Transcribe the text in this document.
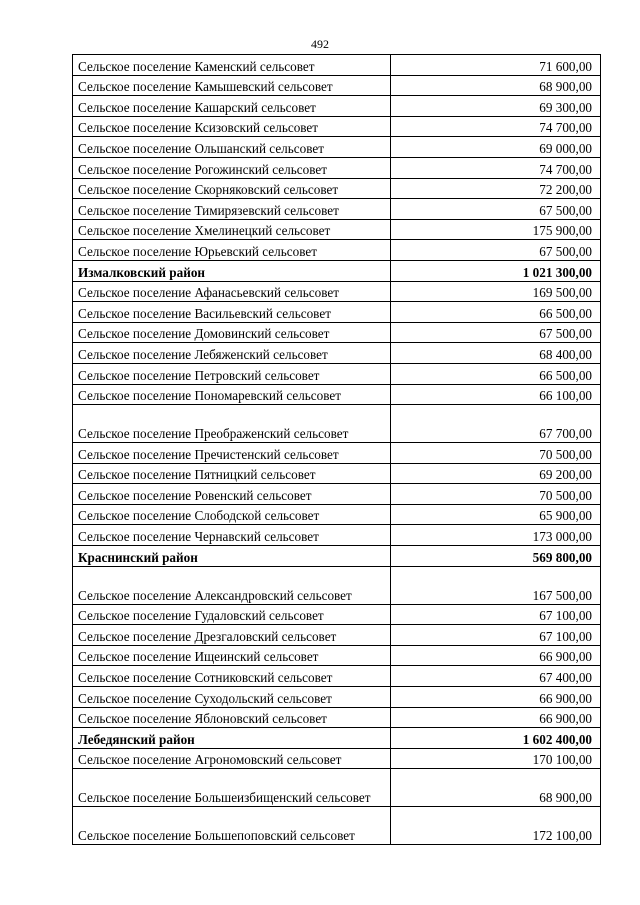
492
Сельское поселение Каменский сельсовет	71 600,00
Сельское поселение Камышевский сельсовет	68 900,00
Сельское поселение Кашарский сельсовет	69 300,00
Сельское поселение Ксизовский сельсовет	74 700,00
Сельское поселение Ольшанский сельсовет	69 000,00
Сельское поселение Рогожинский сельсовет	74 700,00
Сельское поселение Скорняковский сельсовет	72 200,00
Сельское поселение Тимирязевский сельсовет	67 500,00
Сельское поселение Хмелинецкий сельсовет	175 900,00
Сельское поселение Юрьевский сельсовет	67 500,00
Измалковский район	1 021 300,00
Сельское поселение Афанасьевский сельсовет	169 500,00
Сельское поселение Васильевский сельсовет	66 500,00
Сельское поселение Домовинский сельсовет	67 500,00
Сельское поселение Лебяженский сельсовет	68 400,00
Сельское поселение Петровский сельсовет	66 500,00
Сельское поселение Пономаревский сельсовет	66 100,00
Сельское поселение Преображенский сельсовет	67 700,00
Сельское поселение Пречистенский сельсовет	70 500,00
Сельское поселение Пятницкий сельсовет	69 200,00
Сельское поселение Ровенский сельсовет	70 500,00
Сельское поселение Слободской сельсовет	65 900,00
Сельское поселение Чернавский сельсовет	173 000,00
Краснинский район	569 800,00
Сельское поселение Александровский сельсовет	167 500,00
Сельское поселение Гудаловский сельсовет	67 100,00
Сельское поселение Дрезгаловский сельсовет	67 100,00
Сельское поселение Ищеинский сельсовет	66 900,00
Сельское поселение Сотниковский сельсовет	67 400,00
Сельское поселение Суходольский сельсовет	66 900,00
Сельское поселение Яблоновский сельсовет	66 900,00
Лебедянский район	1 602 400,00
Сельское поселение Агрономовский сельсовет	170 100,00
Сельское поселение Большеизбищенский сельсовет	68 900,00
Сельское поселение Большепоповский сельсовет	172 100,00
